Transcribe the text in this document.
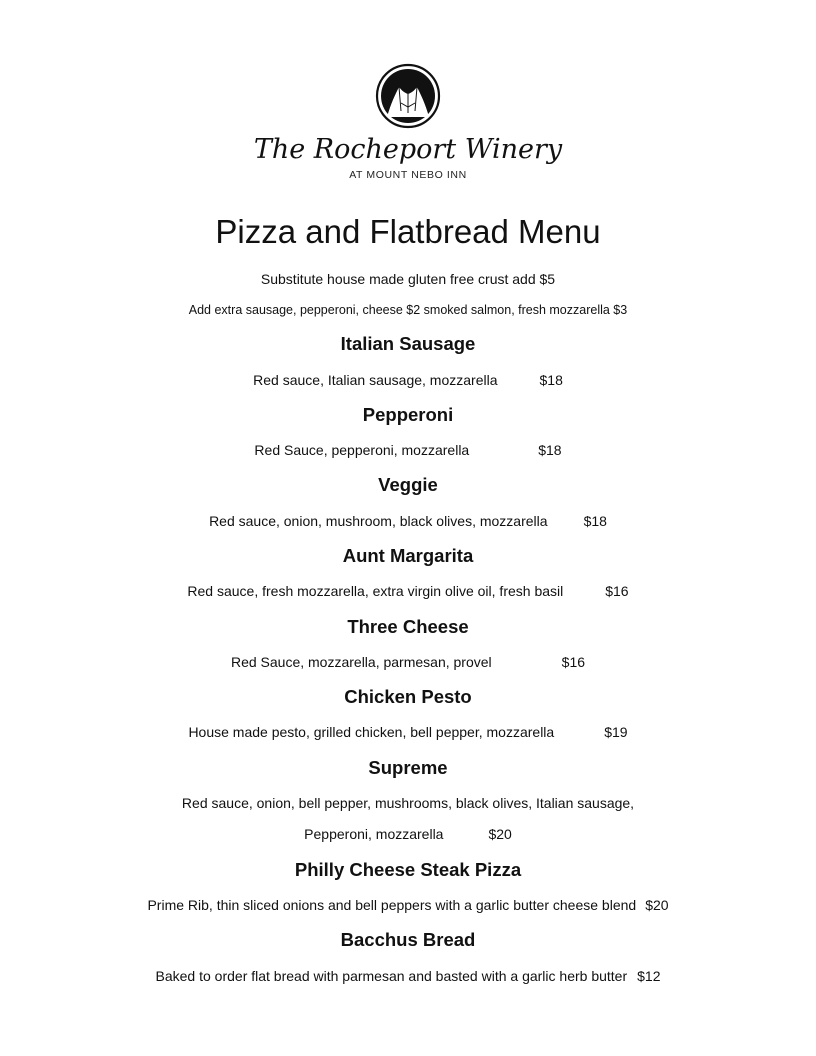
The Rocheport Winery
AT MOUNT NEBO INN
Pizza and Flatbread Menu
Substitute house made gluten free crust add $5
Add extra sausage, pepperoni, cheese $2 smoked salmon, fresh mozzarella $3
Italian Sausage
Red sauce, Italian sausage, mozzarella	$18
Pepperoni
Red Sauce, pepperoni, mozzarella	$18
Veggie
Red sauce, onion, mushroom, black olives, mozzarella	$18
Aunt Margarita
Red sauce, fresh mozzarella, extra virgin olive oil, fresh basil	$16
Three Cheese
Red Sauce, mozzarella, parmesan, provel	$16
Chicken Pesto
House made pesto, grilled chicken, bell pepper, mozzarella	$19
Supreme
Red sauce, onion, bell pepper, mushrooms, black olives, Italian sausage,
Pepperoni, mozzarella	$20
Philly Cheese Steak Pizza
Prime Rib, thin sliced onions and bell peppers with a garlic butter cheese blend $20
Bacchus Bread
Baked to order flat bread with parmesan and basted with a garlic herb butter $12
